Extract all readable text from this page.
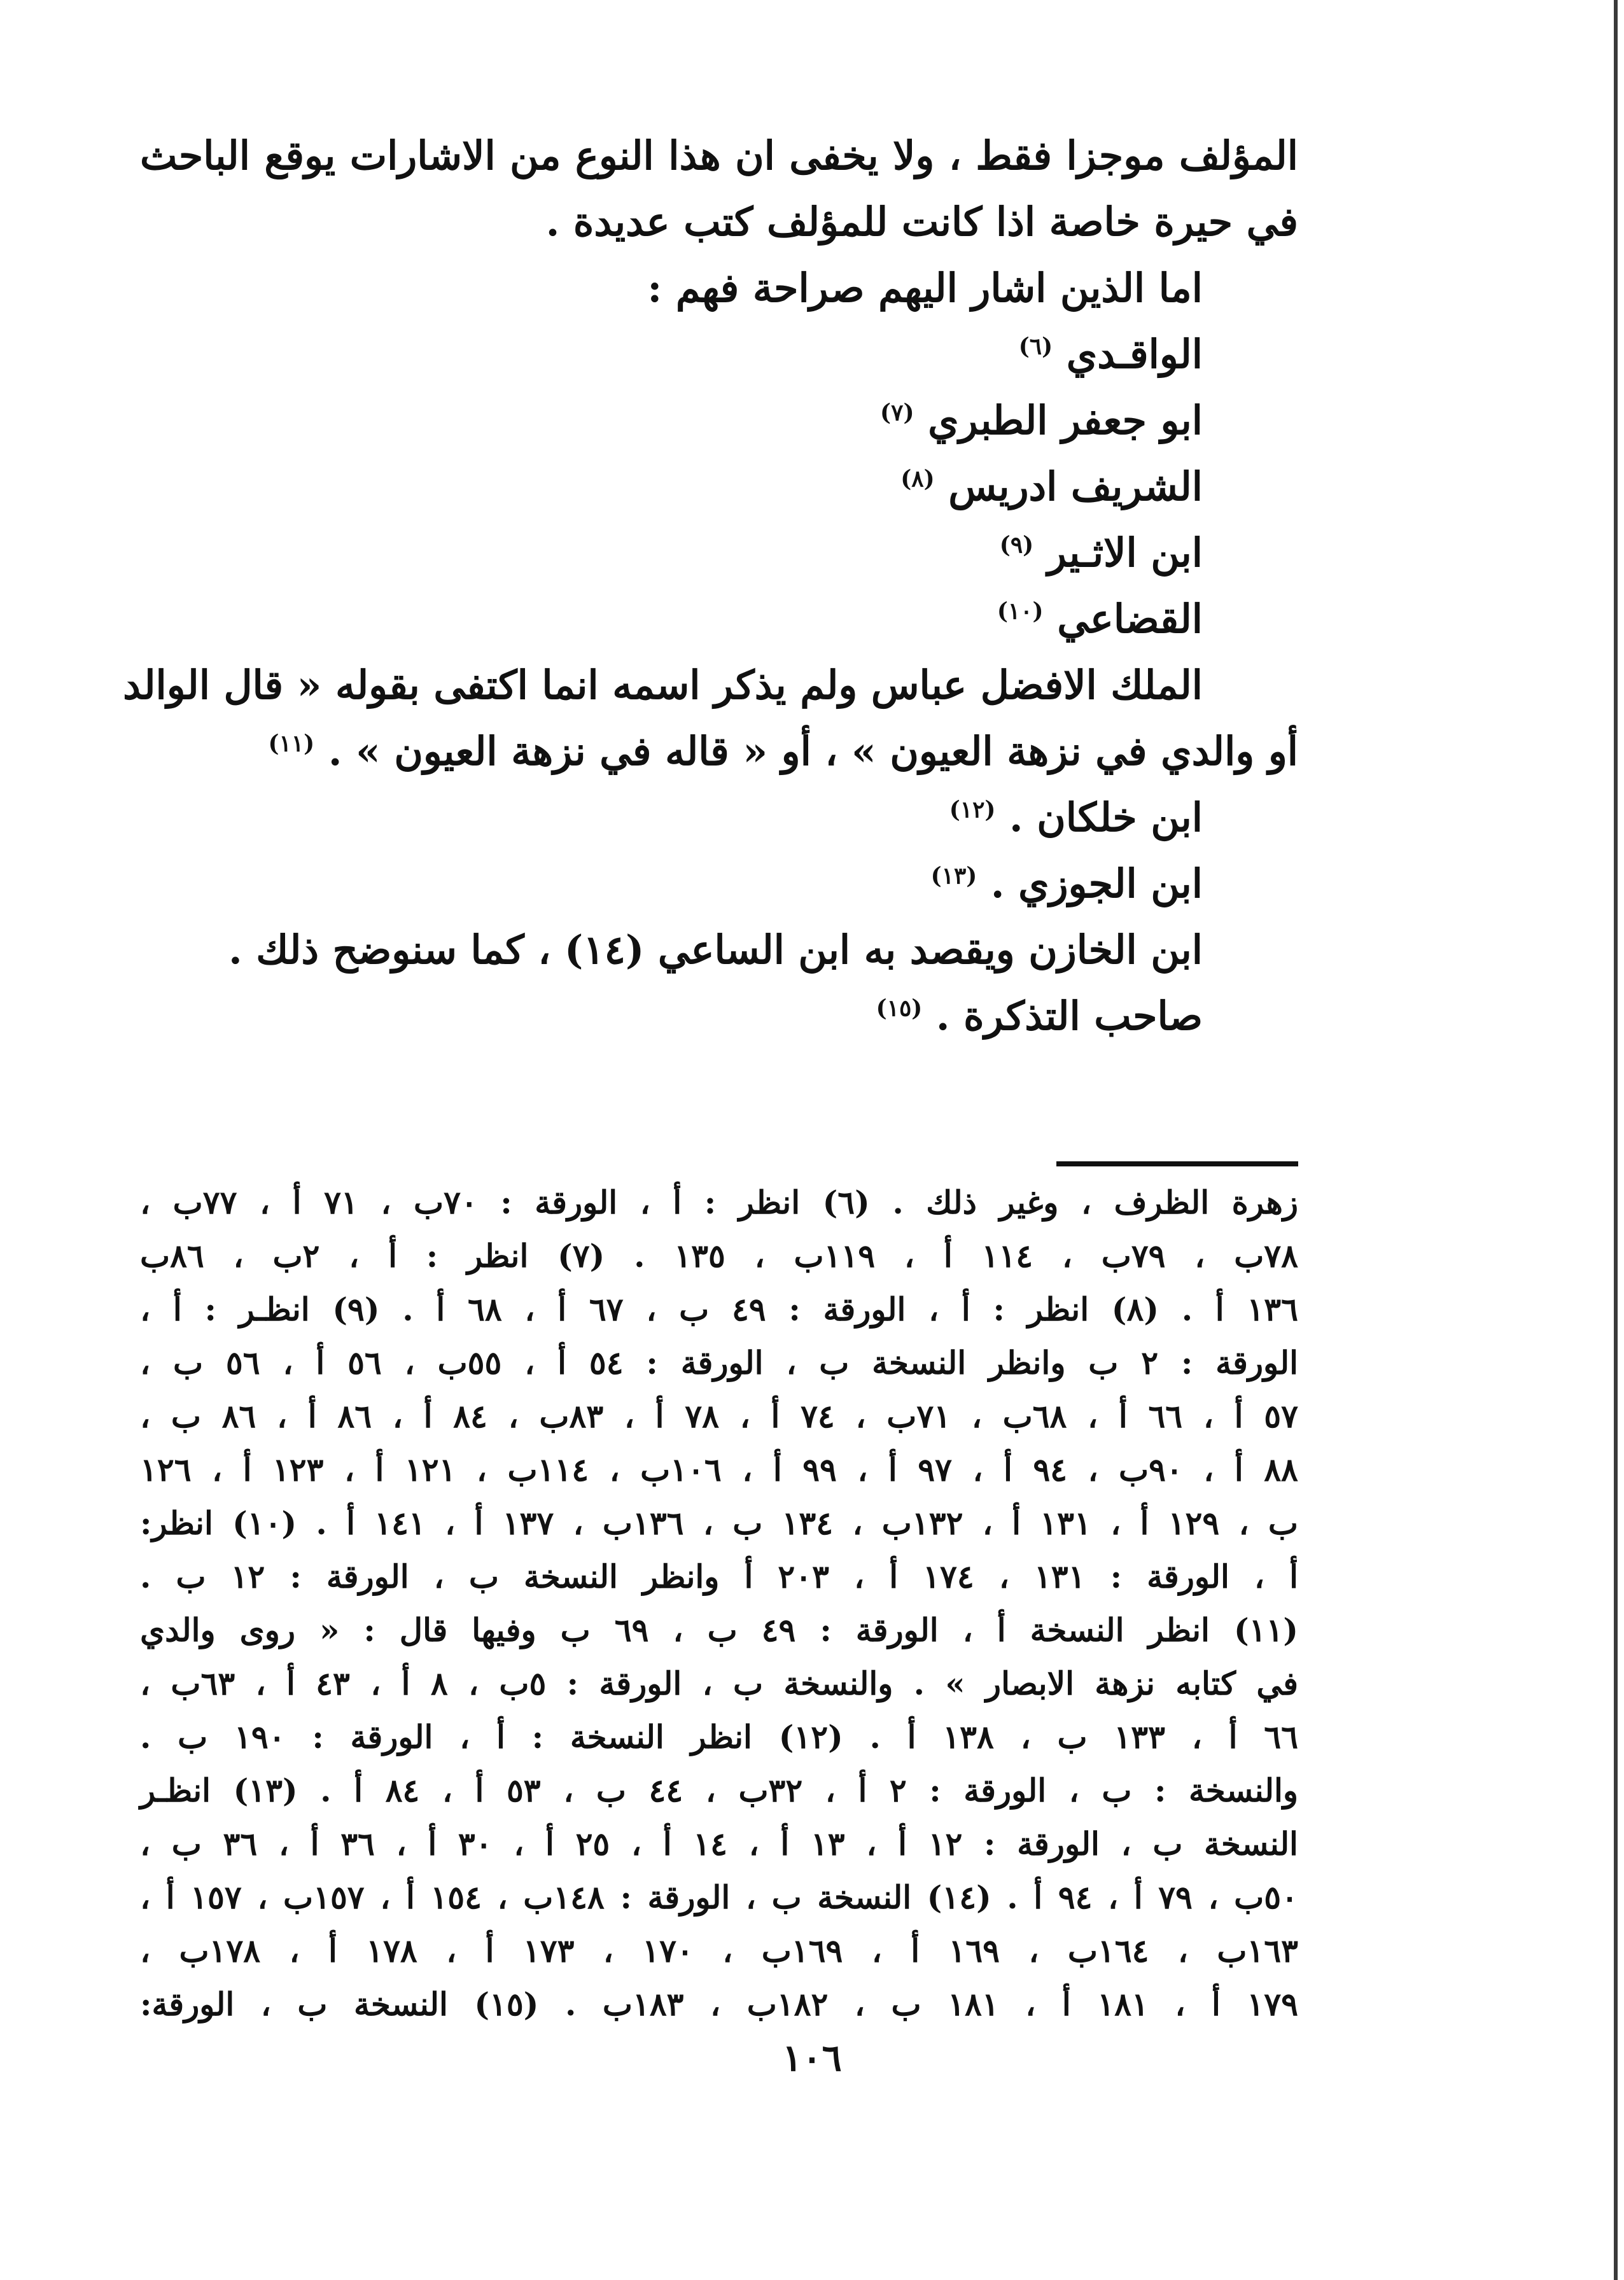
المؤلف موجزا فقط ، ولا يخفى ان هذا النوع من الاشارات يوقع الباحث
في حيرة خاصة اذا كانت للمؤلف كتب عديدة .
اما الذين اشار اليهم صراحة فهم :
الواقـدي $^{(٦)}$
ابو جعفر الطبري $^{(٧)}$
الشريف ادريس $^{(٨)}$
ابن الاثـير $^{(٩)}$
القضاعي $^{(١٠)}$
الملك الافضل عباس ولم يذكر اسمه انما اكتفى بقوله « قال الوالد
أو والدي في نزهة العيون » ، أو « قاله في نزهة العيون » . $^{(١١)}$
ابن خلكان . $^{(١٢)}$
ابن الجوزي . $^{(١٣)}$
ابن الخازن ويقصد به ابن الساعي (١٤) ، كما سنوضح ذلك .
صاحب التذكرة . $^{(١٥)}$
زهرة الظرف ، وغير ذلك . (٦) انظر : أ ، الورقة : ٧٠ب ، ٧١ أ ، ٧٧ب ،
٧٨ب ، ٧٩ب ، ١١٤ أ ، ١١٩ب ، ١٣٥ . (٧) انظر : أ ، ٢ب ، ٨٦ب
١٣٦ أ . (٨) انظر : أ ، الورقة : ٤٩ ب ، ٦٧ أ ، ٦٨ أ . (٩) انظـر : أ ،
الورقة : ٢ ب وانظر النسخة ب ، الورقة : ٥٤ أ ، ٥٥ب ، ٥٦ أ ، ٥٦ ب ،
٥٧ أ ، ٦٦ أ ، ٦٨ب ، ٧١ب ، ٧٤ أ ، ٧٨ أ ، ٨٣ب ، ٨٤ أ ، ٨٦ أ ، ٨٦ ب ،
٨٨ أ ، ٩٠ب ، ٩٤ أ ، ٩٧ أ ، ٩٩ أ ، ١٠٦ب ، ١١٤ب ، ١٢١ أ ، ١٢٣ أ ، ١٢٦
ب ، ١٢٩ أ ، ١٣١ أ ، ١٣٢ب ، ١٣٤ ب ، ١٣٦ب ، ١٣٧ أ ، ١٤١ أ . (١٠) انظر:
أ ، الورقة : ١٣١ ، ١٧٤ أ ، ٢٠٣ أ وانظر النسخة ب ، الورقة : ١٢ ب .
(١١) انظر النسخة أ ، الورقة : ٤٩ ب ، ٦٩ ب وفيها قال : « روى والدي
في كتابه نزهة الابصار » . والنسخة ب ، الورقة : ٥ب ، ٨ أ ، ٤٣ أ ، ٦٣ب ،
٦٦ أ ، ١٣٣ ب ، ١٣٨ أ . (١٢) انظر النسخة : أ ، الورقة : ١٩٠ ب .
والنسخة : ب ، الورقة : ٢ أ ، ٣٢ب ، ٤٤ ب ، ٥٣ أ ، ٨٤ أ . (١٣) انظـر
النسخة ب ، الورقة : ١٢ أ ، ١٣ أ ، ١٤ أ ، ٢٥ أ ، ٣٠ أ ، ٣٦ أ ، ٣٦ ب ،
٥٠ب ، ٧٩ أ ، ٩٤ أ . (١٤) النسخة ب ، الورقة : ١٤٨ب ، ١٥٤ أ ، ١٥٧ب ، ١٥٧ أ ،
١٦٣ب ، ١٦٤ب ، ١٦٩ أ ، ١٦٩ب ، ١٧٠ ، ١٧٣ أ ، ١٧٨ أ ، ١٧٨ب ،
١٧٩ أ ، ١٨١ أ ، ١٨١ ب ، ١٨٢ب ، ١٨٣ب . (١٥) النسخة ب ، الورقة:
١٠٦
